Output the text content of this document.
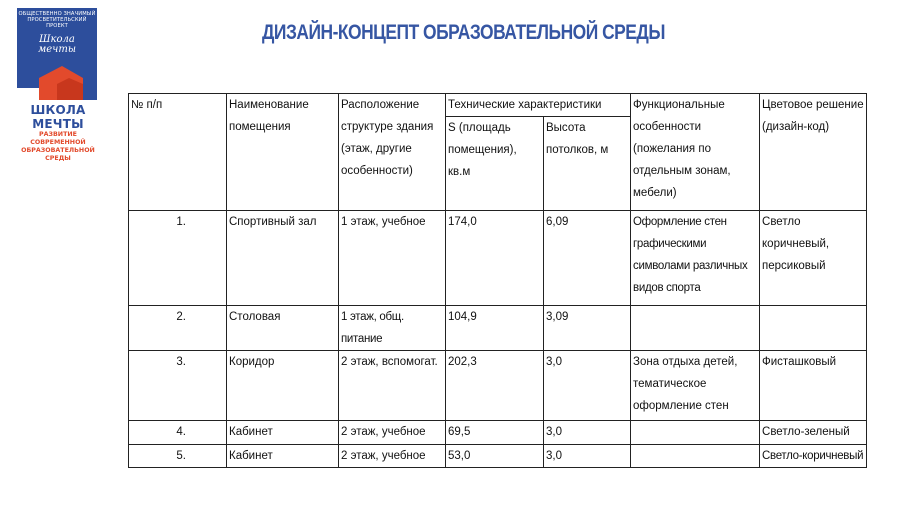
ОБЩЕСТВЕННО ЗНАЧИМЫЙ
ПРОСВЕТИТЕЛЬСКИЙ ПРОЕКТ
Школа
мечты
ШКОЛА МЕЧТЫ
РАЗВИТИЕ СОВРЕМЕННОЙ
ОБРАЗОВАТЕЛЬНОЙ СРЕДЫ
ДИЗАЙН-КОНЦЕПТ ОБРАЗОВАТЕЛЬНОЙ СРЕДЫ
№ п/п	Наименование помещения	Расположение структуре здания (этаж, другие особенности)	Технические характеристики		Функциональные особенности (пожелания по отдельным зонам, мебели)	Цветовое решение (дизайн-код)
			S (площадь помещения), кв.м	Высота потолков, м		
1.	Спортивный зал	1 этаж, учебное	174,0	6,09	Оформление стен графическими символами различных видов спорта	Светло коричневый, персиковый
2.	Столовая	1 этаж, общ. питание	104,9	3,09		
3.	Коридор	2 этаж, вспомогат.	202,3	3,0	Зона отдыха детей, тематическое оформление стен	Фисташковый
4.	Кабинет	2 этаж, учебное	69,5	3,0		Светло-зеленый
5.	Кабинет	2 этаж, учебное	53,0	3,0		Светло-коричневый
